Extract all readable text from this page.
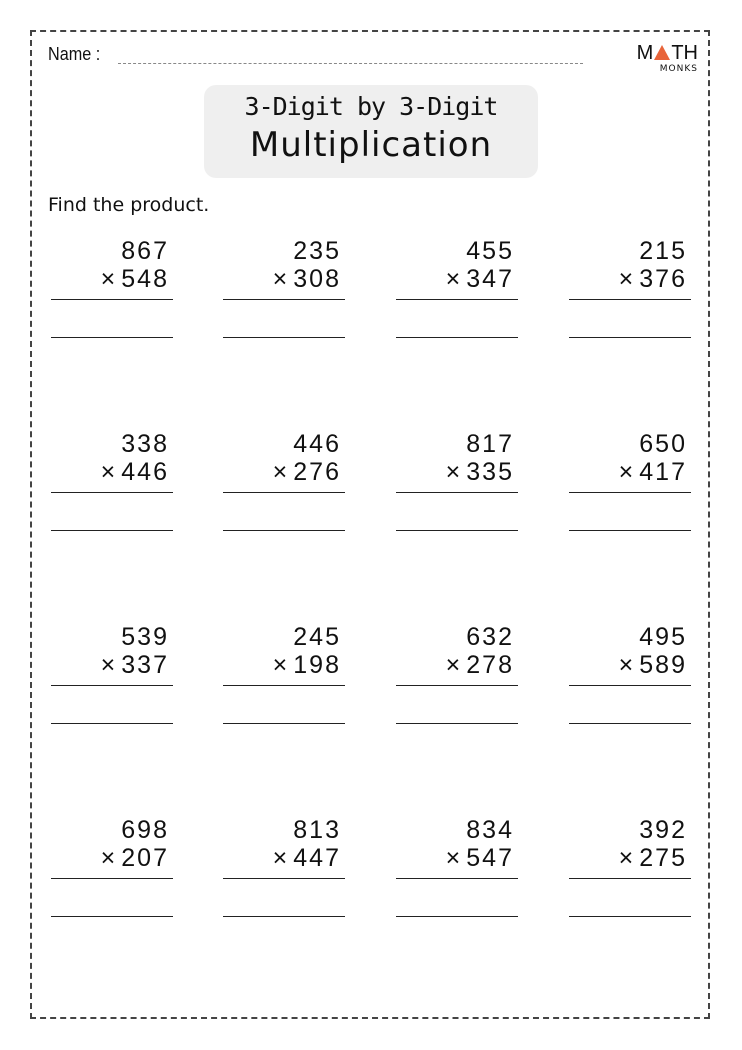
Name :	M TH
MONKS
3-Digit by 3-Digit
Multiplication
Find the product.
867
× 548
235
× 308
455
× 347
215
× 376
338
× 446
446
× 276
817
× 335
650
× 417
539
× 337
245
× 198
632
× 278
495
× 589
698
× 207
813
× 447
834
× 547
392
× 275
